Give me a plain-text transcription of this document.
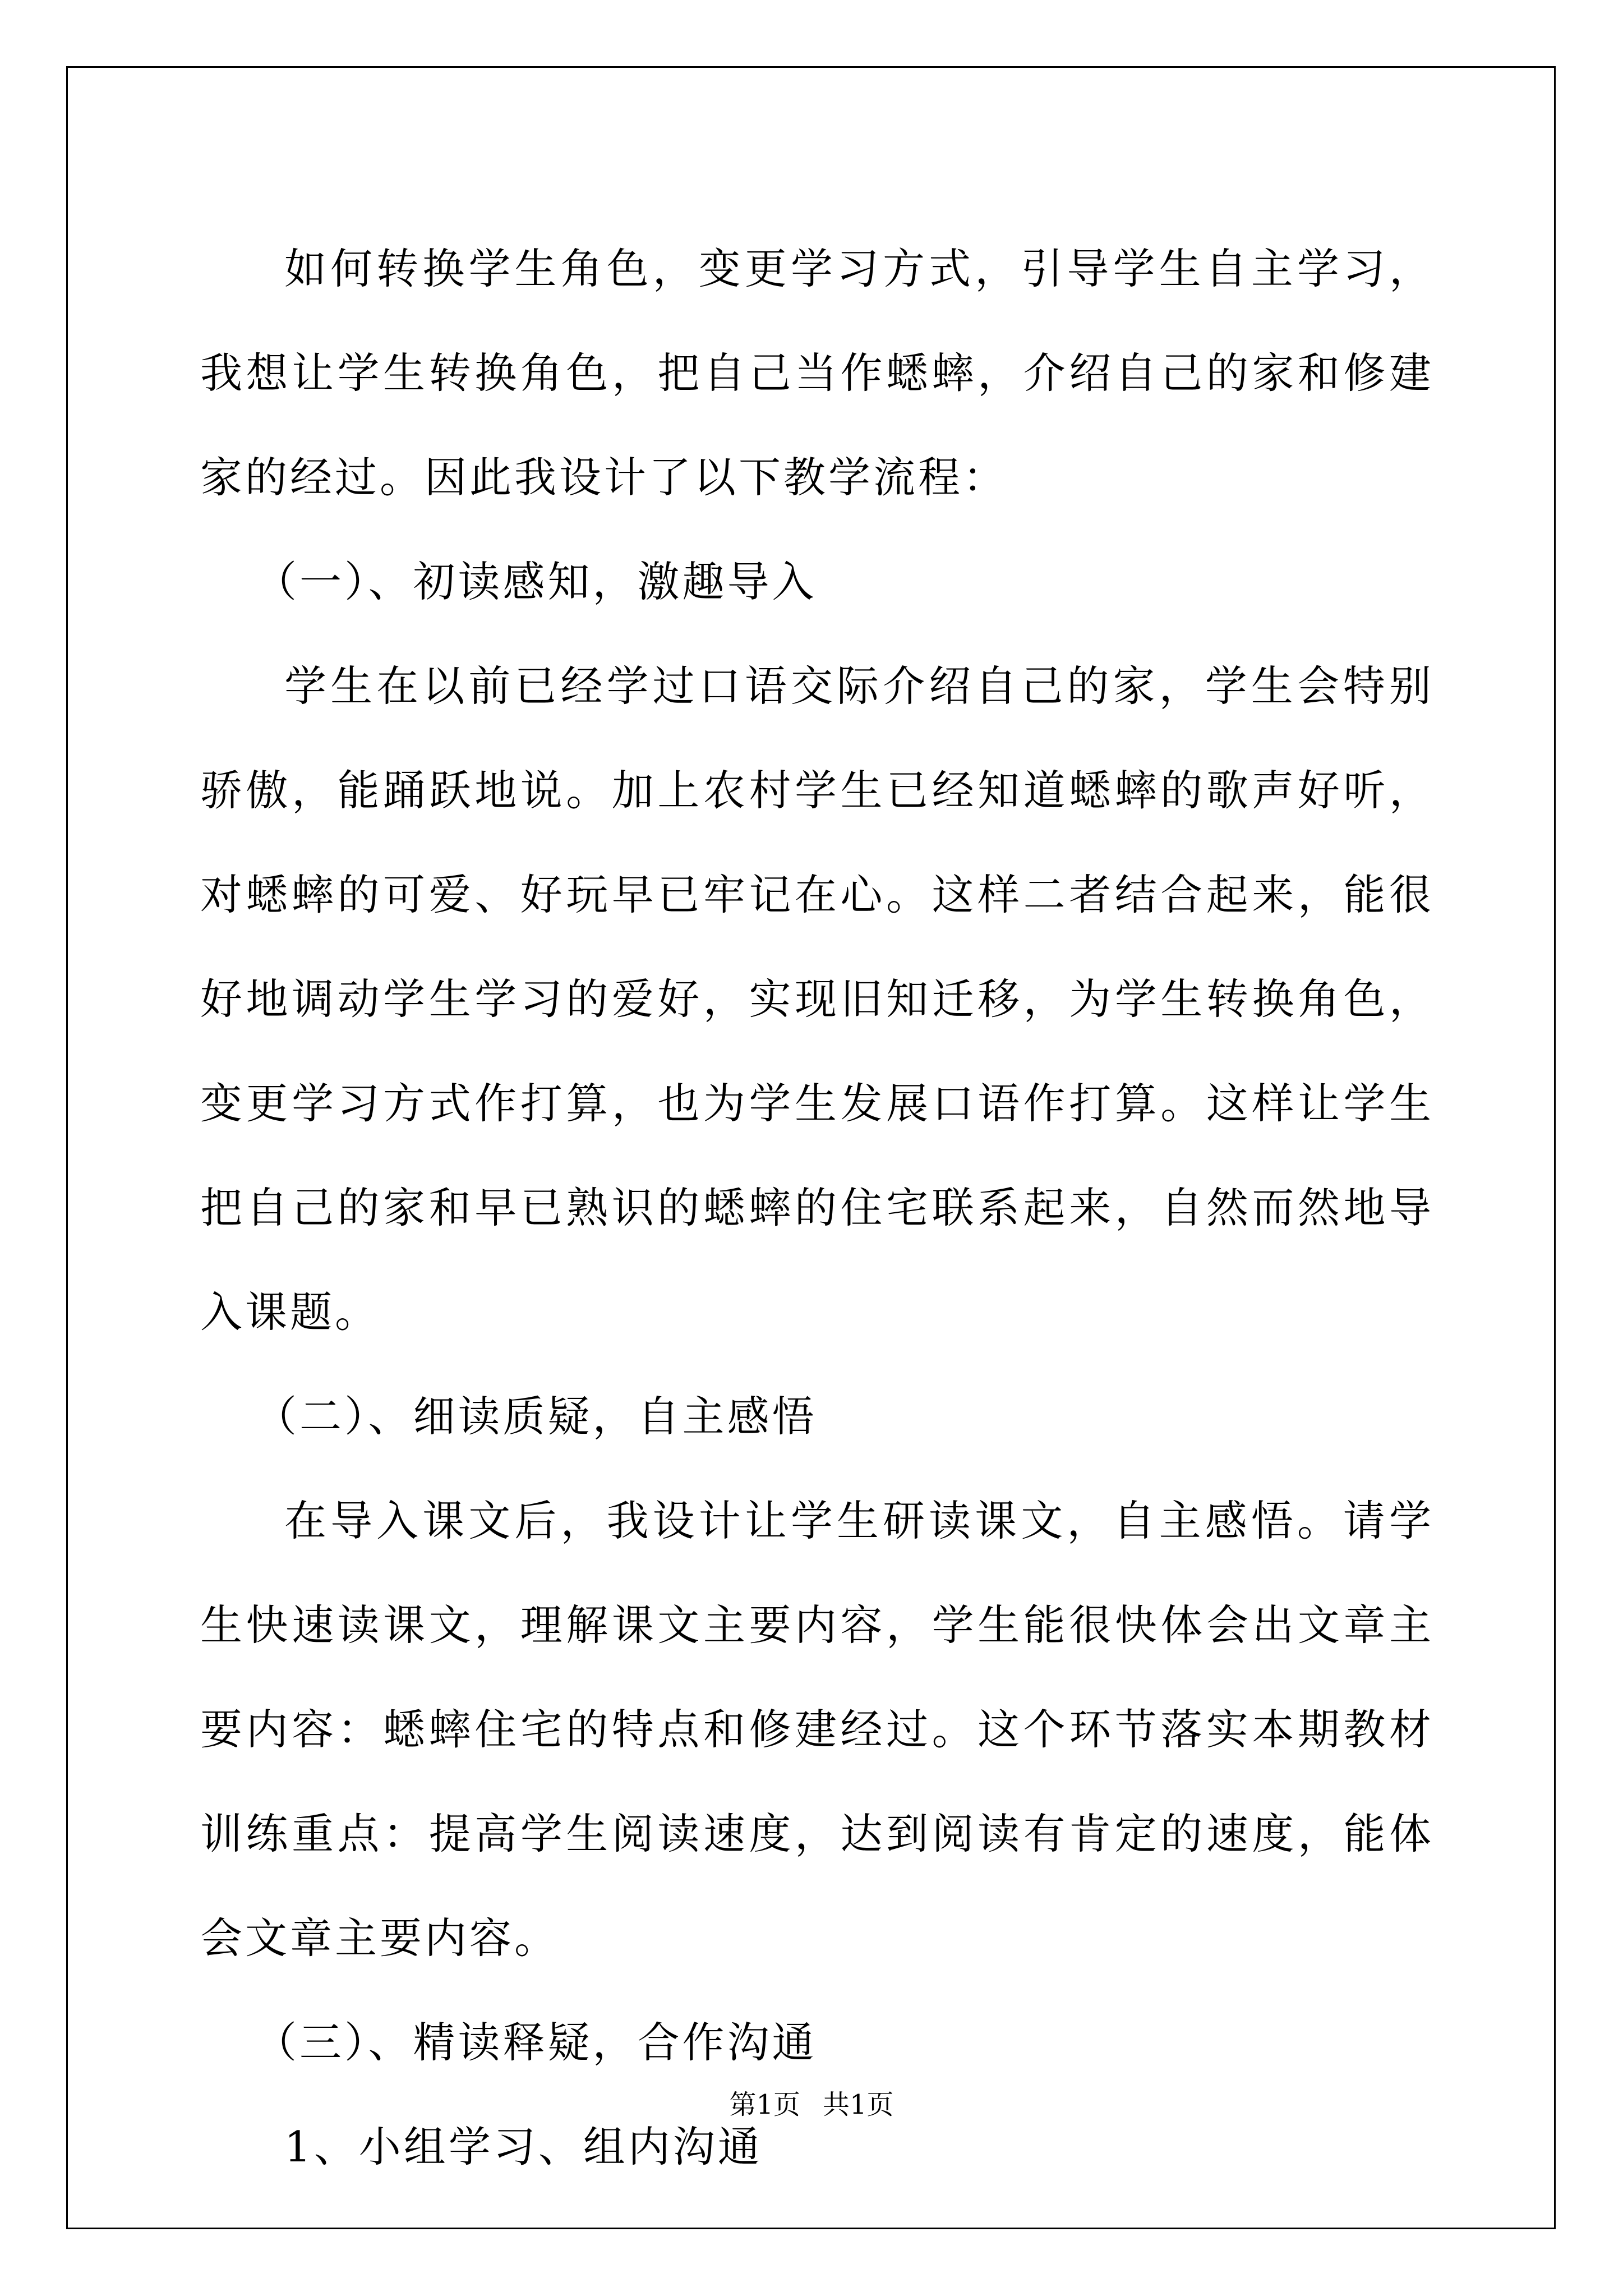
如何转换学生角色，变更学习方式，引导学生自主学习，我想让学生转换角色，把自己当作蟋蟀，介绍自己的家和修建家的经过。因此我设计了以下教学流程：

（一）、初读感知，激趣导入

学生在以前已经学过口语交际介绍自己的家，学生会特别骄傲，能踊跃地说。加上农村学生已经知道蟋蟀的歌声好听，对蟋蟀的可爱、好玩早已牢记在心。这样二者结合起来，能很好地调动学生学习的爱好，实现旧知迁移，为学生转换角色，变更学习方式作打算，也为学生发展口语作打算。这样让学生把自己的家和早已熟识的蟋蟀的住宅联系起来，自然而然地导入课题。

（二）、细读质疑，自主感悟

在导入课文后，我设计让学生研读课文，自主感悟。请学生快速读课文，理解课文主要内容，学生能很快体会出文章主要内容：蟋蟀住宅的特点和修建经过。这个环节落实本期教材训练重点：提高学生阅读速度，达到阅读有肯定的速度，能体会文章主要内容。

（三）、精读释疑，合作沟通

1、小组学习、组内沟通

第1页 共1页
